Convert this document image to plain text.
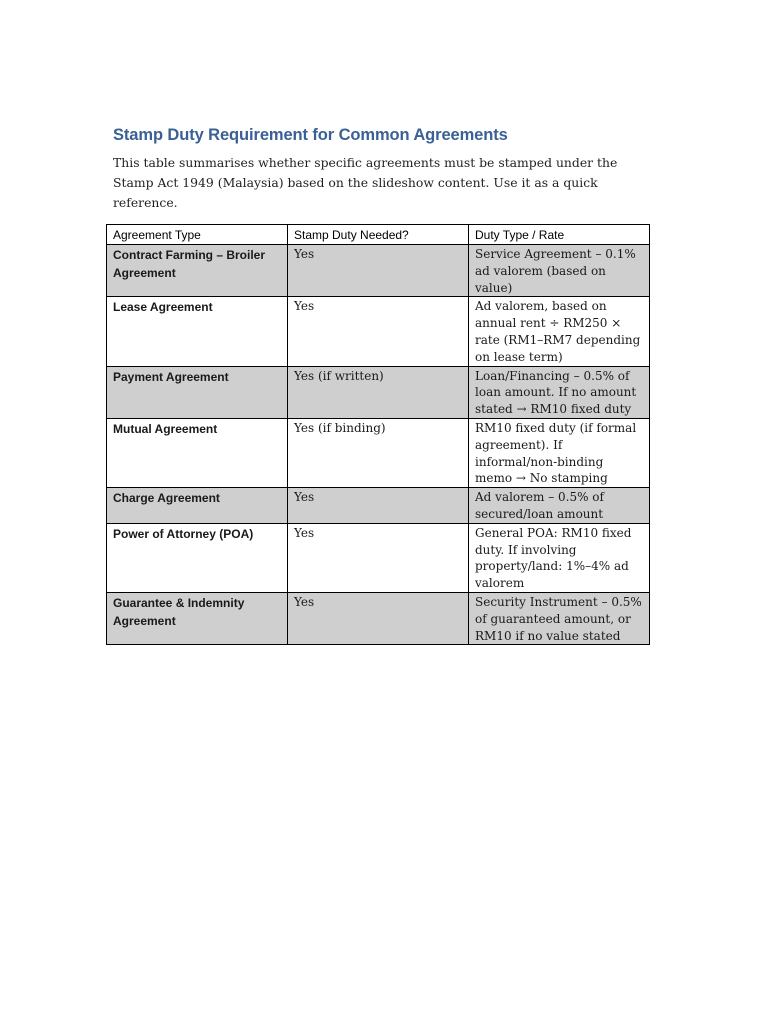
Stamp Duty Requirement for Common Agreements

This table summarises whether specific agreements must be stamped under the Stamp Act 1949 (Malaysia) based on the slideshow content. Use it as a quick reference.

Agreement Type	Stamp Duty Needed?	Duty Type / Rate
Contract Farming – Broiler Agreement	Yes	Service Agreement – 0.1% ad valorem (based on value)
Lease Agreement	Yes	Ad valorem, based on annual rent ÷ RM250 × rate (RM1–RM7 depending on lease term)
Payment Agreement	Yes (if written)	Loan/Financing – 0.5% of loan amount. If no amount stated → RM10 fixed duty
Mutual Agreement	Yes (if binding)	RM10 fixed duty (if formal agreement). If informal/non-binding memo → No stamping
Charge Agreement	Yes	Ad valorem – 0.5% of secured/loan amount
Power of Attorney (POA)	Yes	General POA: RM10 fixed duty. If involving property/land: 1%–4% ad valorem
Guarantee & Indemnity Agreement	Yes	Security Instrument – 0.5% of guaranteed amount, or RM10 if no value stated
